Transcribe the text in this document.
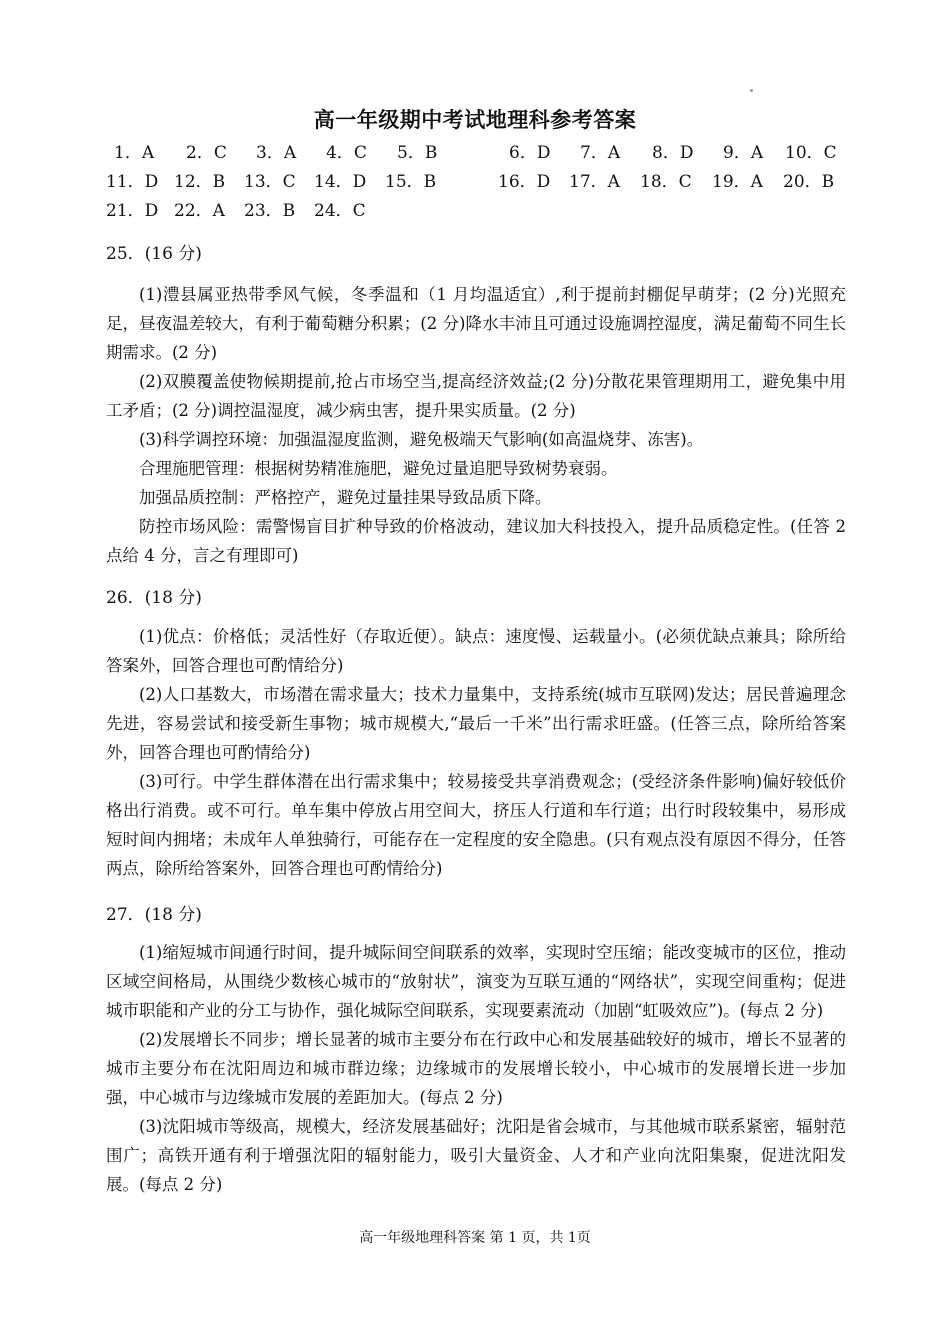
高一年级期中考试地理科参考答案
1．A 2．C 3．A 4．C 5．B	6．D 7．A 8．D 9．A 10．C
11．D 12．B 13．C 14．D 15．B	16．D 17．A 18．C 19．A 20．B
21．D 22．A 23．B 24．C
25．(16 分)

(1)澧县属亚热带季风气候，冬季温和（1 月均温适宜）,利于提前封棚促早萌芽；(2 分)光照充足，昼夜温差较大，有利于葡萄糖分积累；(2 分)降水丰沛且可通过设施调控湿度，满足葡萄不同生长期需求。(2 分)

(2)双膜覆盖使物候期提前,抢占市场空当,提高经济效益;(2 分)分散花果管理期用工，避免集中用工矛盾；(2 分)调控温湿度，减少病虫害，提升果实质量。(2 分)

(3)科学调控环境：加强温湿度监测，避免极端天气影响(如高温烧芽、冻害)。

合理施肥管理：根据树势精准施肥，避免过量追肥导致树势衰弱。

加强品质控制：严格控产，避免过量挂果导致品质下降。

防控市场风险：需警惕盲目扩种导致的价格波动，建议加大科技投入，提升品质稳定性。(任答 2 点给 4 分，言之有理即可)

26．(18 分)

(1)优点：价格低；灵活性好（存取近便）。缺点：速度慢、运载量小。(必须优缺点兼具；除所给答案外，回答合理也可酌情给分)

(2)人口基数大，市场潜在需求量大；技术力量集中，支持系统(城市互联网)发达；居民普遍理念先进，容易尝试和接受新生事物；城市规模大,“最后一千米”出行需求旺盛。(任答三点，除所给答案外，回答合理也可酌情给分)

(3)可行。中学生群体潜在出行需求集中；较易接受共享消费观念；(受经济条件影响)偏好较低价格出行消费。或不可行。单车集中停放占用空间大，挤压人行道和车行道；出行时段较集中，易形成短时间内拥堵；未成年人单独骑行，可能存在一定程度的安全隐患。(只有观点没有原因不得分，任答两点，除所给答案外，回答合理也可酌情给分)

27．(18 分)

(1)缩短城市间通行时间，提升城际间空间联系的效率，实现时空压缩；能改变城市的区位，推动区域空间格局，从围绕少数核心城市的“放射状”，演变为互联互通的“网络状”，实现空间重构；促进城市职能和产业的分工与协作，强化城际空间联系，实现要素流动（加剧“虹吸效应”)。(每点 2 分)

(2)发展增长不同步；增长显著的城市主要分布在行政中心和发展基础较好的城市，增长不显著的城市主要分布在沈阳周边和城市群边缘；边缘城市的发展增长较小，中心城市的发展增长进一步加强，中心城市与边缘城市发展的差距加大。(每点 2 分)

(3)沈阳城市等级高，规模大，经济发展基础好；沈阳是省会城市，与其他城市联系紧密，辐射范围广；高铁开通有利于增强沈阳的辐射能力，吸引大量资金、人才和产业向沈阳集聚，促进沈阳发展。(每点 2 分)

高一年级地理科答案 第 1 页，共 1页
